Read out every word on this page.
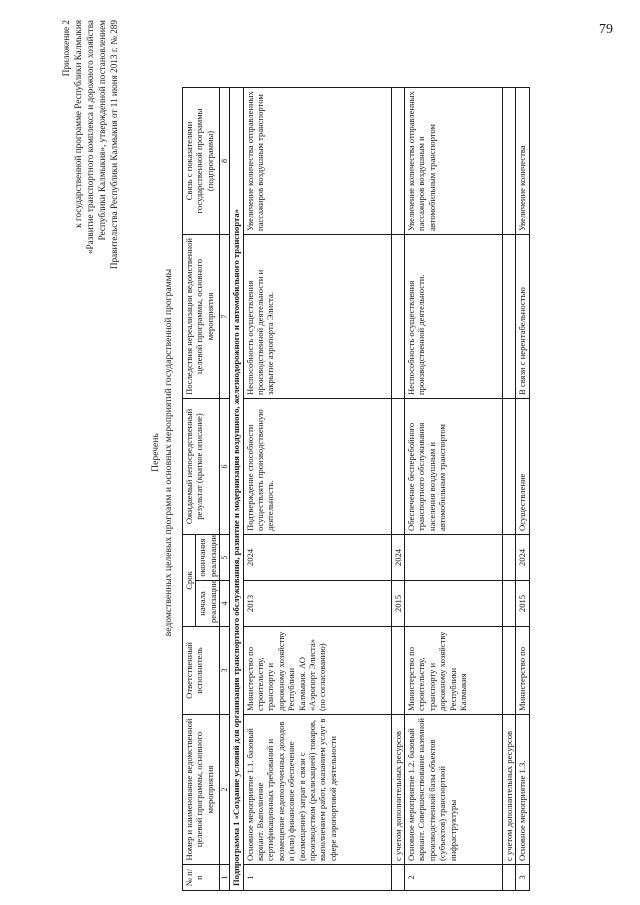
Приложение 2 к государственной программе Республики Калмыкия «Развитие транспортного комплекса и дорожного хозяйства Республики Калмыкия», утвержденной постановлением Правительства Республики Калмыкия от 11 июня 2013 г. № 289
Перечень ведомственных целевых программ и основных мероприятий государственной программы
№ п/п	Номер и наименование ведомственной целевой программы, основного мероприятия	Ответственный исполнитель	Срок		Ожидаемый непосредственный результат (краткое описание)	Последствия нереализации ведомственной целевой программы, основного мероприятия	Связь с показателями государственной программы (подпрограммы)
			начала реализации	окончания реализации			
1	2	3	4	5	6	7	8
Подпрограмма 1 «Создание условий для организации транспортного обслуживания, развитие и модернизация воздушного, железнодорожного и автомобильного транспорта»							
1	Основное мероприятие 1.1. базовый вариант. Выполнение сертификационных требований и возмещение недополученных доходов и (или) финансовое обеспечение (возмещение) затрат в связи с производством (реализацией) товаров, выполнением работ, оказанием услуг в сфере аэропортовой деятельности	Министерство по строительству, транспорту и дорожному хозяйству Республики Калмыкия. АО «Аэропорт Элиста» (по согласованию)	2013	2024	Подтверждение способности осуществлять производственную деятельность.	Неспособность осуществления производственной деятельности и закрытие аэропорта Элиста.	Увеличение количества отправленных пассажиров воздушным транспортом
	с учетом дополнительных ресурсов		2015	2024			
2	Основное мероприятие 1.2. базовый вариант. Совершенствование наземной производственной базы объектов (субъектов) транспортной инфраструктуры	Министерство по строительству, транспорту и дорожному хозяйству Республики Калмыкия			Обеспечение бесперебойного транспортного обслуживания населения воздушным и автомобильным транспортом	Неспособность осуществления производственной деятельности.	Увеличение количества отправленных пассажиров воздушным и автомобильным транспортом
	с учетом дополнительных ресурсов						
3	Основное мероприятие 1.3.	Министерство по	2015	2024	Осуществление	В связи с нерентабельностью	Увеличение количества
79
